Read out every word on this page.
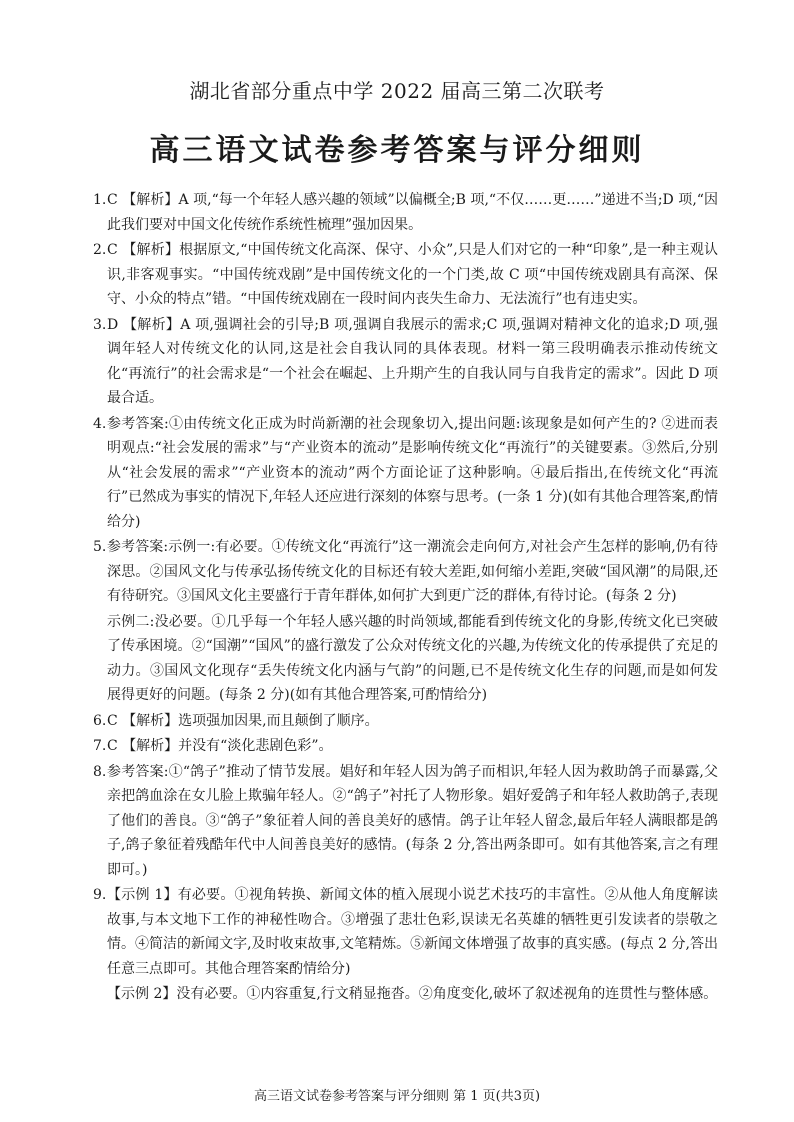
湖北省部分重点中学 2022 届高三第二次联考
高三语文试卷参考答案与评分细则
1. C 【解析】A 项,“每一个年轻人感兴趣的领域”以偏概全;B 项,“不仅……更……”递进不当;D 项,“因此我们要对中国文化传统作系统性梳理”强加因果。
2. C 【解析】根据原文,“中国传统文化高深、保守、小众”,只是人们对它的一种“印象”,是一种主观认识,非客观事实。“中国传统戏剧”是中国传统文化的一个门类,故 C 项“中国传统戏剧具有高深、保守、小众的特点”错。“中国传统戏剧在一段时间内丧失生命力、无法流行”也有违史实。
3. D 【解析】A 项,强调社会的引导;B 项,强调自我展示的需求;C 项,强调对精神文化的追求;D 项,强调年轻人对传统文化的认同,这是社会自我认同的具体表现。材料一第三段明确表示推动传统文化“再流行”的社会需求是“一个社会在崛起、上升期产生的自我认同与自我肯定的需求”。因此 D 项最合适。
4. 参考答案:①由传统文化正成为时尚新潮的社会现象切入,提出问题:该现象是如何产生的? ②进而表明观点:“社会发展的需求”与“产业资本的流动”是影响传统文化“再流行”的关键要素。③然后,分别从“社会发展的需求”“产业资本的流动”两个方面论证了这种影响。④最后指出,在传统文化“再流行”已然成为事实的情况下,年轻人还应进行深刻的体察与思考。(一条 1 分)(如有其他合理答案,酌情给分)
5. 参考答案:示例一:有必要。①传统文化“再流行”这一潮流会走向何方,对社会产生怎样的影响,仍有待深思。②国风文化与传承弘扬传统文化的目标还有较大差距,如何缩小差距,突破“国风潮”的局限,还有待研究。③国风文化主要盛行于青年群体,如何扩大到更广泛的群体,有待讨论。(每条 2 分)
示例二:没必要。①几乎每一个年轻人感兴趣的时尚领域,都能看到传统文化的身影,传统文化已突破了传承困境。②“国潮”“国风”的盛行激发了公众对传统文化的兴趣,为传统文化的传承提供了充足的动力。③国风文化现存“丢失传统文化内涵与气韵”的问题,已不是传统文化生存的问题,而是如何发展得更好的问题。(每条 2 分)(如有其他合理答案,可酌情给分)
6. C 【解析】选项强加因果,而且颠倒了顺序。
7. C 【解析】并没有“淡化悲剧色彩”。
8. 参考答案:①“鸽子”推动了情节发展。娼好和年轻人因为鸽子而相识,年轻人因为救助鸽子而暴露,父亲把鸽血涂在女儿脸上欺骗年轻人。②“鸽子”衬托了人物形象。娼好爱鸽子和年轻人救助鸽子,表现了他们的善良。③“鸽子”象征着人间的善良美好的感情。鸽子让年轻人留念,最后年轻人满眼都是鸽子,鸽子象征着残酷年代中人间善良美好的感情。(每条 2 分,答出两条即可。如有其他答案,言之有理即可。)
9. 【示例 1】有必要。①视角转换、新闻文体的植入展现小说艺术技巧的丰富性。②从他人角度解读故事,与本文地下工作的神秘性吻合。③增强了悲壮色彩,误读无名英雄的牺牲更引发读者的崇敬之情。④简洁的新闻文字,及时收束故事,文笔精炼。⑤新闻文体增强了故事的真实感。(每点 2 分,答出任意三点即可。其他合理答案酌情给分)
【示例 2】没有必要。①内容重复,行文稍显拖沓。②角度变化,破坏了叙述视角的连贯性与整体感。
高三语文试卷参考答案与评分细则 第 1 页(共3页)
